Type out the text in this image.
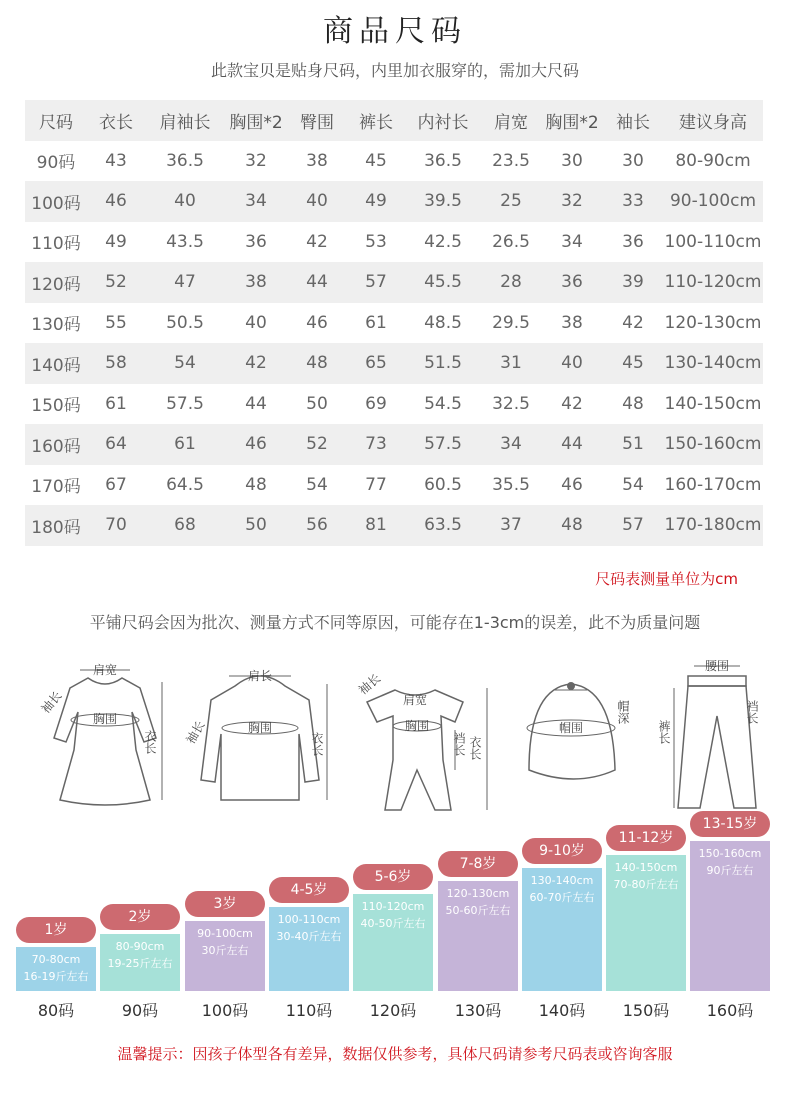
商品尺码
此款宝贝是贴身尺码，内里加衣服穿的，需加大尺码
尺码	衣长	肩袖长	胸围*2	臀围	裤长	内衬长	肩宽	胸围*2	袖长	建议身高
90码	43	36.5	32	38	45	36.5	23.5	30	30	80-90cm
100码	46	40	34	40	49	39.5	25	32	33	90-100cm
110码	49	43.5	36	42	53	42.5	26.5	34	36	100-110cm
120码	52	47	38	44	57	45.5	28	36	39	110-120cm
130码	55	50.5	40	46	61	48.5	29.5	38	42	120-130cm
140码	58	54	42	48	65	51.5	31	40	45	130-140cm
150码	61	57.5	44	50	69	54.5	32.5	42	48	140-150cm
160码	64	61	46	52	73	57.5	34	44	51	150-160cm
170码	67	64.5	48	54	77	60.5	35.5	46	54	160-170cm
180码	70	68	50	56	81	63.5	37	48	57	170-180cm
尺码表测量单位为cm
平铺尺码会因为批次、测量方式不同等原因，可能存在1-3cm的误差，此不为质量问题
肩宽
胸围
袖长
衣长
肩长
胸围
袖长	衣长
肩宽
胸围
袖长
裆长 衣长
帽围
帽深
腰围
裤长
裆长
70-80cm
16-19斤左右
1岁
80码
80-90cm
19-25斤左右
2岁
90码
90-100cm
30斤左右
3岁
100码
100-110cm
30-40斤左右
4-5岁
110码
110-120cm
40-50斤左右
5-6岁
120码
120-130cm
50-60斤左右
7-8岁
130码
130-140cm
60-70斤左右
9-10岁
140码
140-150cm
70-80斤左右
11-12岁
150码
150-160cm
90斤左右
13-15岁
160码
温馨提示：因孩子体型各有差异，数据仅供参考，具体尺码请参考尺码表或咨询客服
